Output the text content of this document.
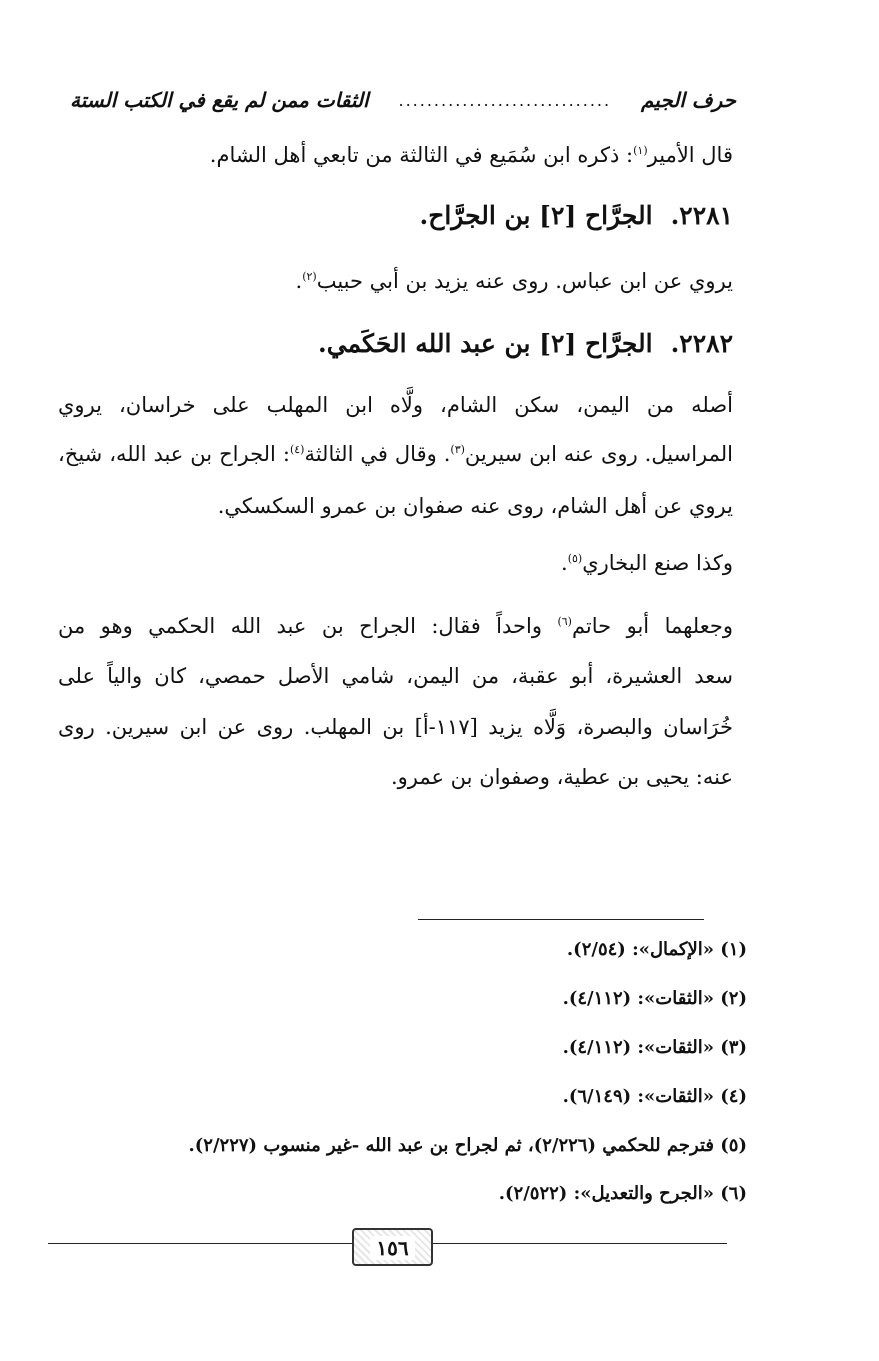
حرف الجيم
..............................
الثقات ممن لم يقع في الكتب الستة
قال الأمير$^{(١)}$: ذكره ابن سُمَيع في الثالثة من تابعي أهل الشام.
٢٢٨١.الجرَّاح [٢] بن الجرَّاح.
يروي عن ابن عباس. روى عنه يزيد بن أبي حبيب$^{(٢)}$.
٢٢٨٢.الجرَّاح [٢] بن عبد الله الحَكَمي.
أصله من اليمن، سكن الشام، ولَّاه ابن المهلب على خراسان، يروي
المراسيل. روى عنه ابن سيرين$^{(٣)}$. وقال في الثالثة$^{(٤)}$: الجراح بن عبد الله، شيخ،
يروي عن أهل الشام، روى عنه صفوان بن عمرو السكسكي.
وكذا صنع البخاري$^{(٥)}$.
وجعلهما أبو حاتم$^{(٦)}$ واحداً فقال: الجراح بن عبد الله الحكمي وهو من
سعد العشيرة، أبو عقبة، من اليمن، شامي الأصل حمصي، كان والياً على
خُرَاسان والبصرة، وَلَّاه يزيد [١١٧-أ] بن المهلب. روى عن ابن سيرين. روى
عنه: يحيى بن عطية، وصفوان بن عمرو.
(١) «الإكمال»: (٢/٥٤).
(٢) «الثقات»: (٤/١١٢).
(٣) «الثقات»: (٤/١١٢).
(٤) «الثقات»: (٦/١٤٩).
(٥) فترجم للحكمي (٢/٢٢٦)، ثم لجراح بن عبد الله -غير منسوب (٢/٢٢٧).
(٦) «الجرح والتعديل»: (٢/٥٢٢).
١٥٦
